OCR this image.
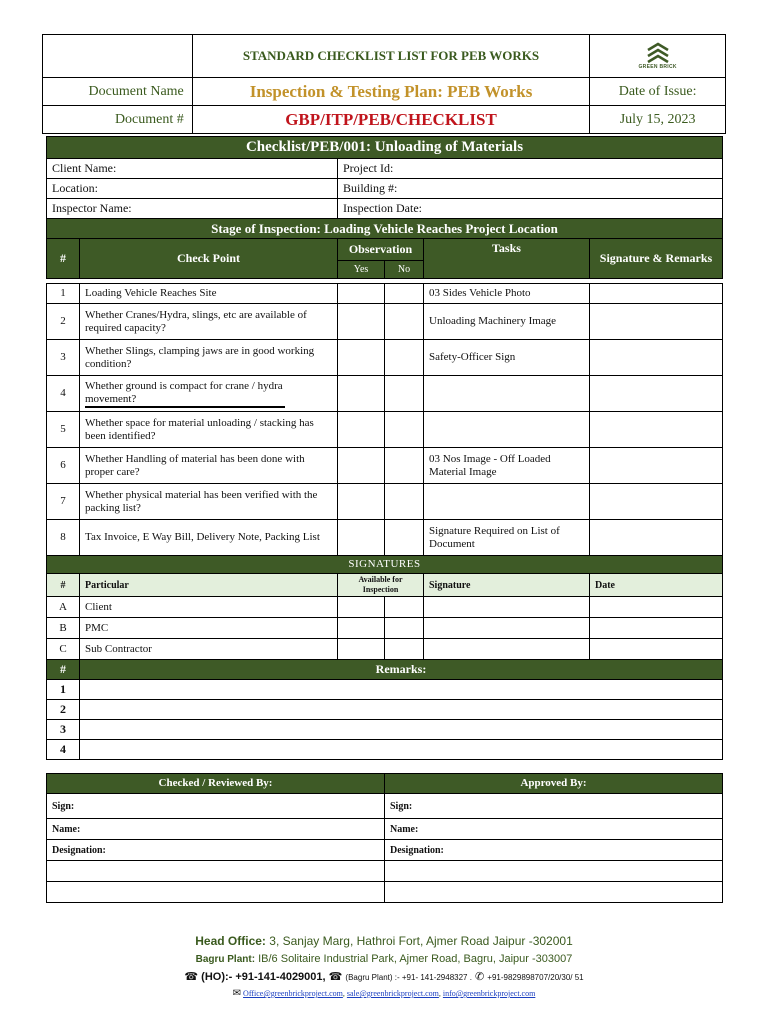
	STANDARD CHECKLIST LIST FOR PEB WORKS	GREEN BRICK

Document Name	Inspection & Testing Plan: PEB Works	Date of Issue:
Document #	GBP/ITP/PEB/CHECKLIST	July 15, 2023
Checklist/PEB/001: Unloading of Materials					
Client Name:		Project Id:			
Location:		Building #:			
Inspector Name:		Inspection Date:			
Stage of Inspection: Loading Vehicle Reaches Project Location					
#	Check Point	Observation		Tasks	Signature & Remarks
		Yes	No		

1	Loading Vehicle Reaches Site			03 Sides Vehicle Photo	
2	Whether Cranes/Hydra, slings, etc are available of required capacity?			Unloading Machinery Image	
3	Whether Slings, clamping jaws are in good working condition?			Safety-Officer Sign	
4	Whether ground is compact for crane / hydra movement?

5	Whether space for material unloading / stacking has been identified?				
6	Whether Handling of material has been done with proper care?			03 Nos Image - Off Loaded Material Image	
7	Whether physical material has been verified with the packing list?				
8	Tax Invoice, E Way Bill, Delivery Note, Packing List			Signature Required on List of Document	
SIGNATURES					
#	Particular	Available for Inspection		Signature	Date
A	Client				
B	PMC				
C	Sub Contractor				
#	Remarks:				
1					
2					
3					
4					

Checked / Reviewed By:			Approved By:		
Sign:			Sign:		
Name:			Name:		
Designation:			Designation:		

Head Office: 3, Sanjay Marg, Hathroi Fort, Ajmer Road Jaipur -302001
Bagru Plant: IB/6 Solitaire Industrial Park, Ajmer Road, Bagru, Jaipur -303007
☎ (HO):- +91-141-4029001, ☎ (Bagru Plant) :- +91- 141-2948327 . ✆ +91-9829898707/20/30/ 51
✉ Office@greenbrickproject.com, sale@greenbrickproject.com, info@greenbrickproject.com
